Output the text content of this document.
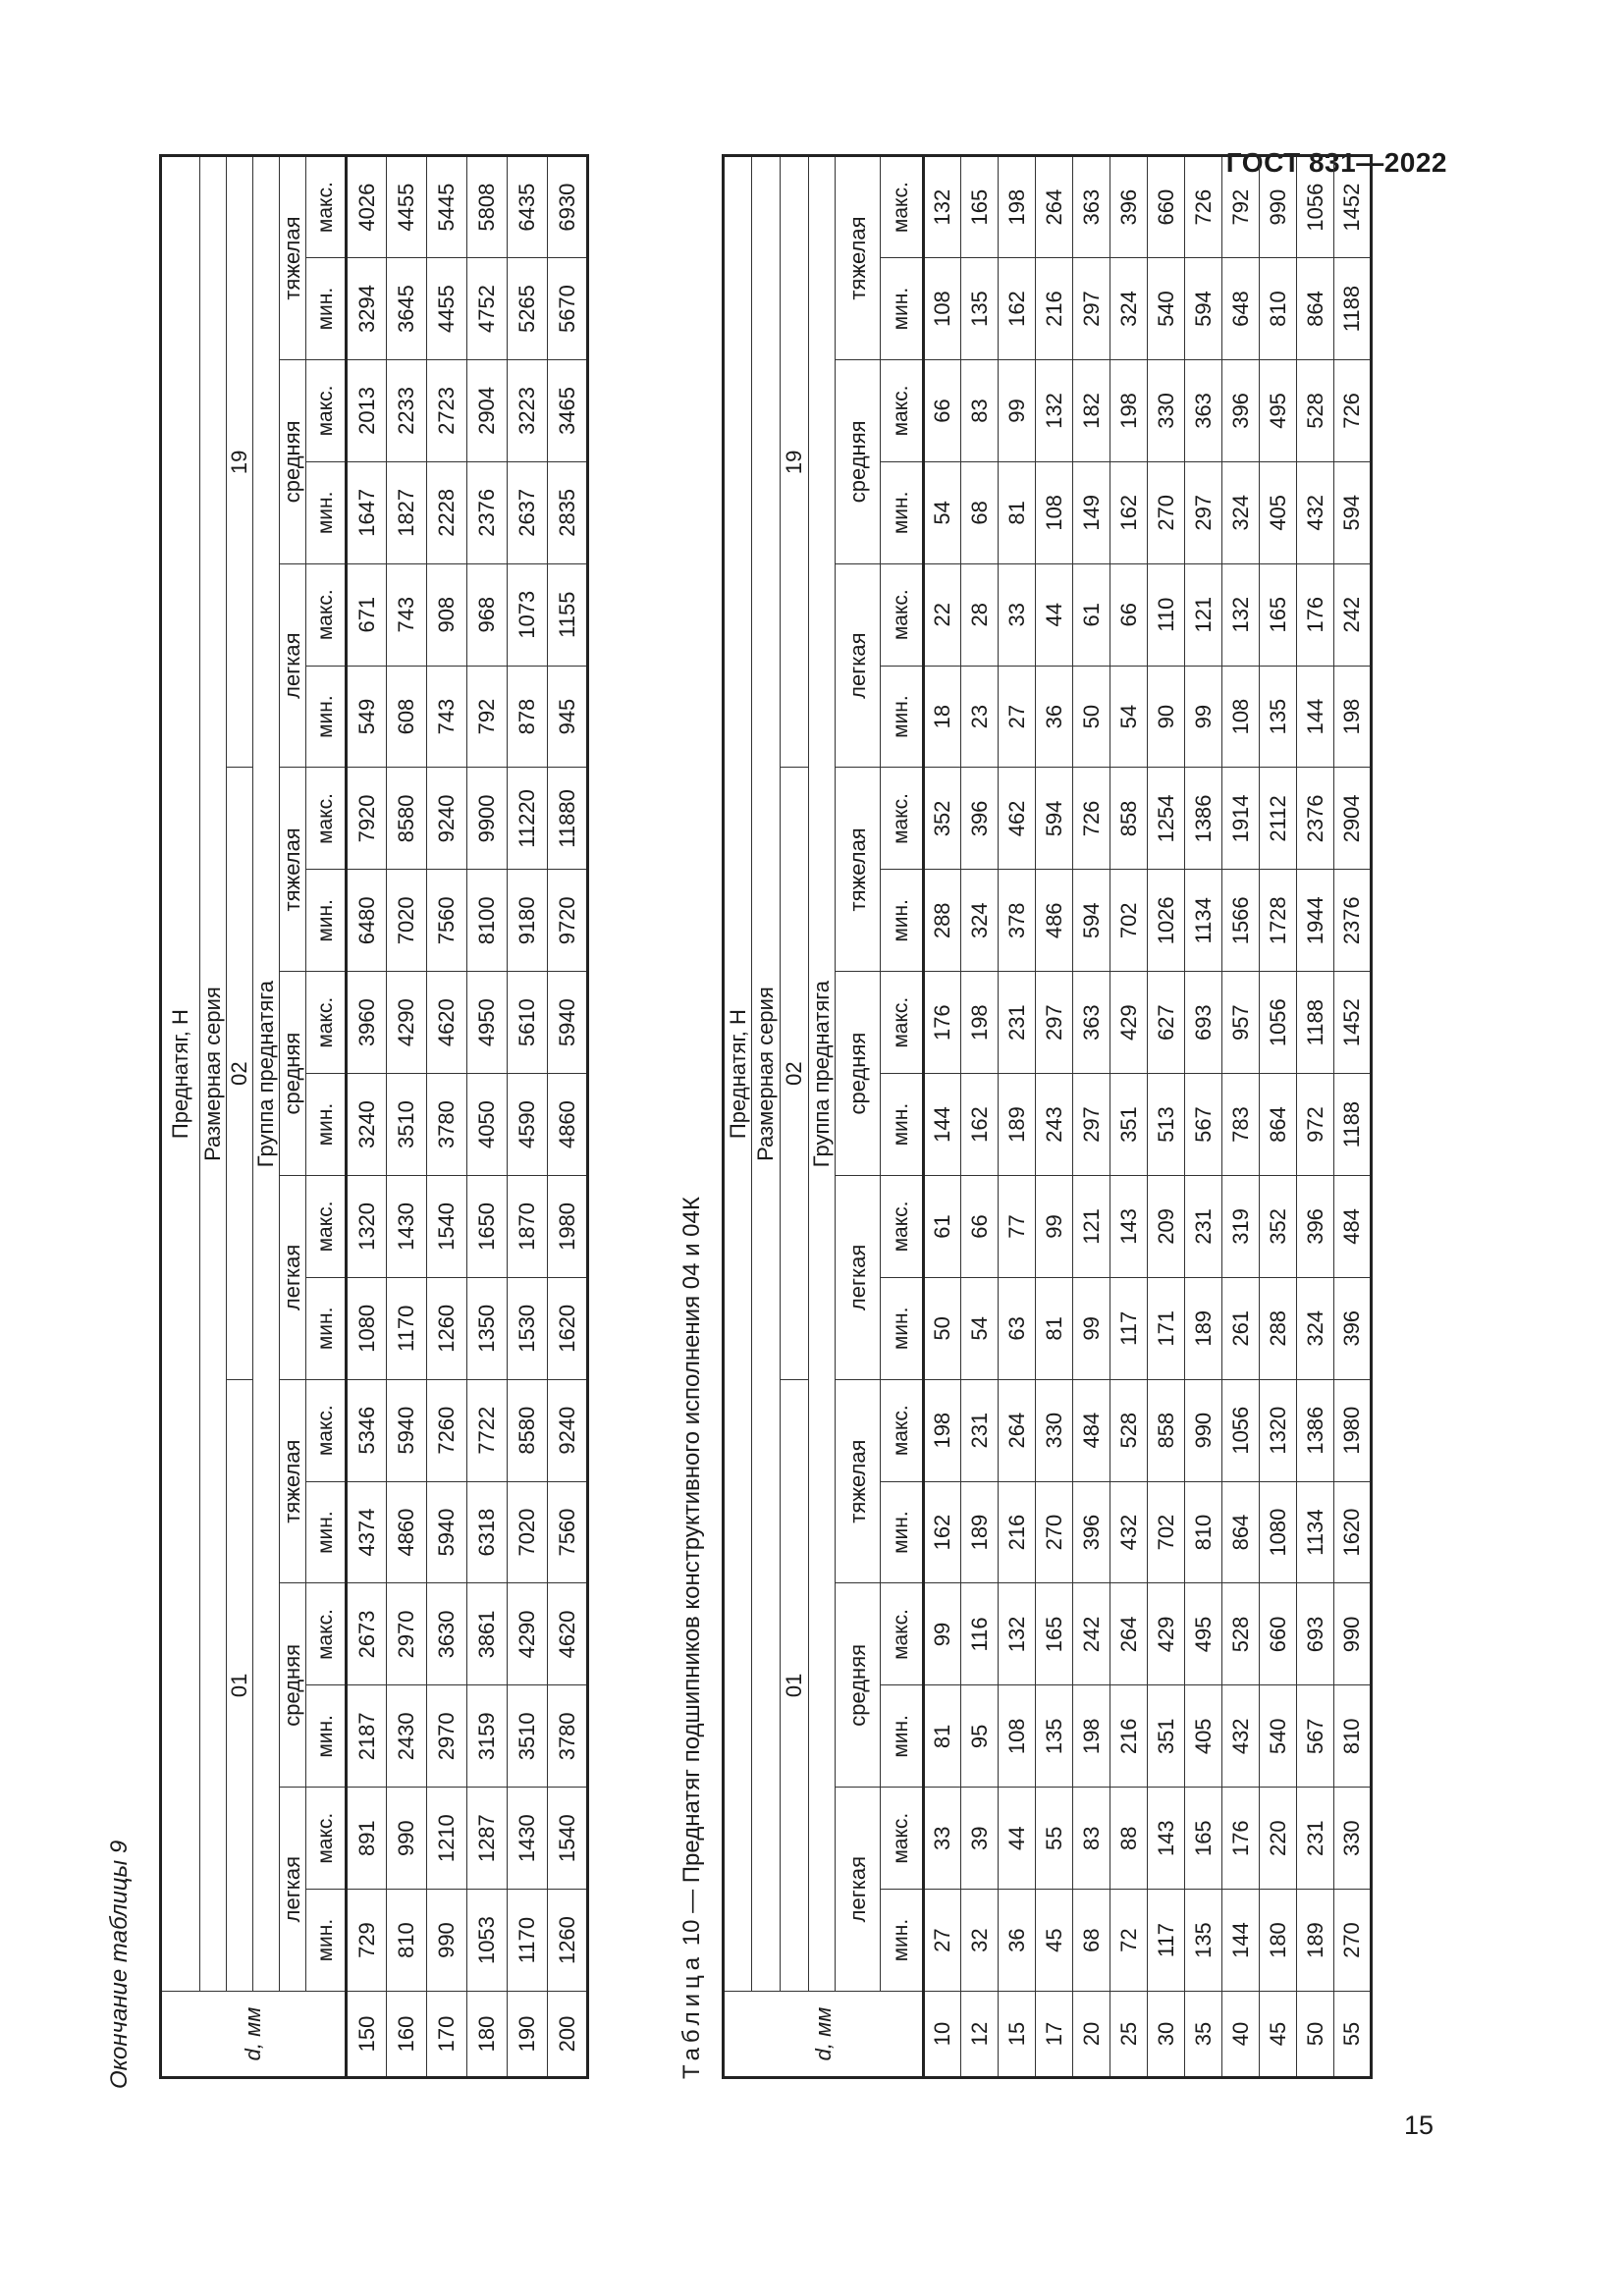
ГОСТ 831—2022
15
Окончание таблицы 9	d, мм	Преднатяг, Н																	
	Размерная серия																	
	01						02						19					
	Группа преднатяга																	
	легкая		средняя		тяжелая		легкая		средняя		тяжелая		легкая		средняя		тяжелая	
	мин.	макс.	мин.	макс.	мин.	макс.	мин.	макс.	мин.	макс.	мин.	макс.	мин.	макс.	мин.	макс.	мин.	макс.
150	729	891	2187	2673	4374	5346	1080	1320	3240	3960	6480	7920	549	671	1647	2013	3294	4026
160	810	990	2430	2970	4860	5940	1170	1430	3510	4290	7020	8580	608	743	1827	2233	3645	4455
170	990	1210	2970	3630	5940	7260	1260	1540	3780	4620	7560	9240	743	908	2228	2723	4455	5445
180	1053	1287	3159	3861	6318	7722	1350	1650	4050	4950	8100	9900	792	968	2376	2904	4752	5808
190	1170	1430	3510	4290	7020	8580	1530	1870	4590	5610	9180	11220	878	1073	2637	3223	5265	6435
200	1260	1540	3780	4620	7560	9240	1620	1980	4860	5940	9720	11880	945	1155	2835	3465	5670	6930
Таблица 10 — Преднатяг подшипников конструктивного исполнения 04 и 04К
d, мм	Преднатяг, Н																	
	Размерная серия																	
	01						02						19					
	Группа преднатяга																	
	легкая		средняя		тяжелая		легкая		средняя		тяжелая		легкая		средняя		тяжелая	
	мин.	макс.	мин.	макс.	мин.	макс.	мин.	макс.	мин.	макс.	мин.	макс.	мин.	макс.	мин.	макс.	мин.	макс.
10	27	33	81	99	162	198	50	61	144	176	288	352	18	22	54	66	108	132
12	32	39	95	116	189	231	54	66	162	198	324	396	23	28	68	83	135	165
15	36	44	108	132	216	264	63	77	189	231	378	462	27	33	81	99	162	198
17	45	55	135	165	270	330	81	99	243	297	486	594	36	44	108	132	216	264
20	68	83	198	242	396	484	99	121	297	363	594	726	50	61	149	182	297	363
25	72	88	216	264	432	528	117	143	351	429	702	858	54	66	162	198	324	396
30	117	143	351	429	702	858	171	209	513	627	1026	1254	90	110	270	330	540	660
35	135	165	405	495	810	990	189	231	567	693	1134	1386	99	121	297	363	594	726
40	144	176	432	528	864	1056	261	319	783	957	1566	1914	108	132	324	396	648	792
45	180	220	540	660	1080	1320	288	352	864	1056	1728	2112	135	165	405	495	810	990
50	189	231	567	693	1134	1386	324	396	972	1188	1944	2376	144	176	432	528	864	1056
55	270	330	810	990	1620	1980	396	484	1188	1452	2376	2904	198	242	594	726	1188	1452
